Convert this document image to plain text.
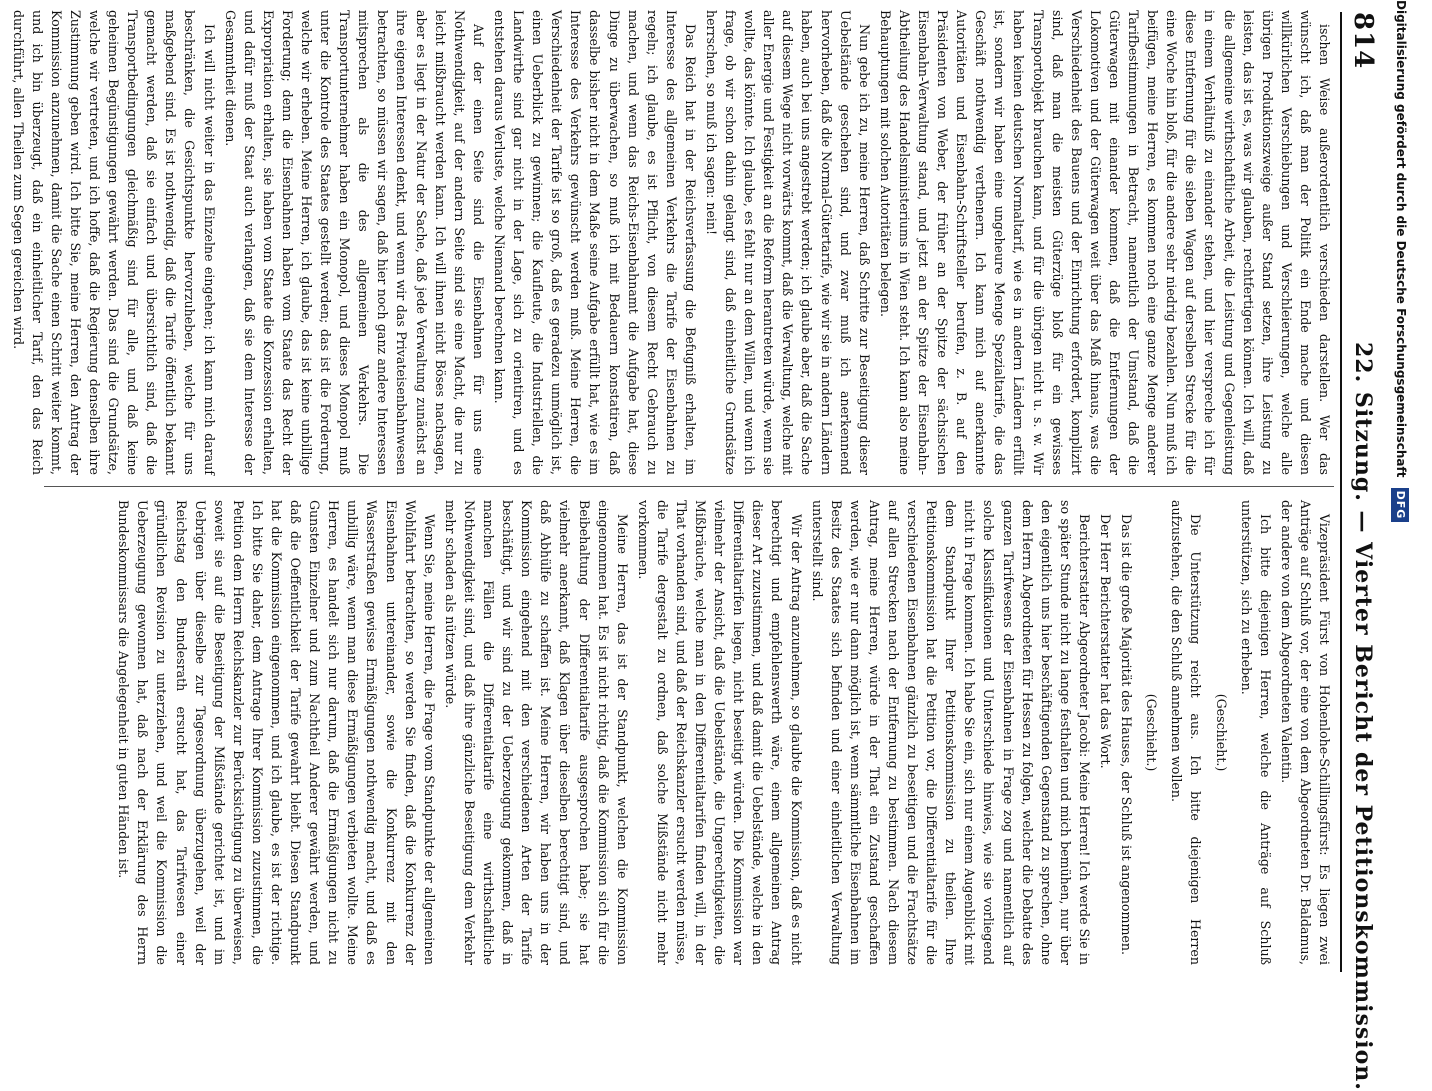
814
22. Sitzung. — Vierter Bericht der Petitionskommission.

ischen Weise außerordentlich verschieden darstellen. Wer das wünscht ich, daß man der Politik ein Ende mache und diesen willkürlichen Verschiebungen und Verschleierungen, welche alle übrigen Produktionszweige außer Stand setzen, ihre Leistung zu leisten, das ist es, was wir glauben, rechtfertigen können. Ich will, daß die allgemeine wirthschaftliche Arbeit, die Leistung und Gegenleistung in einem Verhältniß zu einander stehen, und hier verspreche ich für diese Entfernung für die sieben Wagen auf derselben Strecke für die eine Woche hin bloß, für die andere sehr niedrig bezahlen. Nun muß ich beifügen, meine Herren, es kommen noch eine ganze Menge anderer Tarifbestimmungen in Betracht, namentlich der Umstand, daß die Güterwagen mit einander kommen, daß die Entfernungen der Lokomotiven und der Güterwagen weit über das Maß hinaus, was die Verschiedenheit des Bauens und der Einrichtung erfordert, komplizirt sind, daß man die meisten Güterzüge bloß für ein gewisses Transportobjekt brauchen kann, und für die übrigen nicht u. s. w. Wir haben keinen deutschen Normaltarif, wie es in andern Ländern erfüllt ist, sondern wir haben eine ungeheure Menge Spezialtarife, die das Geschäft nothwendig verthenern. Ich kann mich auf anerkannte Autoritäten und Eisenbahn-Schriftsteller berufen, z. B. auf den Präsidenten von Weber, der früher an der Spitze der sächsischen Eisenbahn-Verwaltung stand, und jetzt an der Spitze der Eisenbahn-Abtheilung des Handelsministeriums in Wien steht. Ich kann also meine Behauptungen mit solchen Autoritäten belegen.

Nun gebe ich zu, meine Herren, daß Schritte zur Beseitigung dieser Uebelstände geschehen sind, und zwar muß ich anerkennend hervorheben, daß die Normal-Gütertarife, wie wir sie in andern Ländern haben, auch bei uns angestrebt werden; ich glaube aber, daß die Sache auf diesem Wege nicht vorwärts kommt, daß die Verwaltung, welche mit aller Energie und Festigkeit an die Reform herantreten würde, wenn sie wollte, das könnte. Ich glaube, es fehlt nur an dem Willen, und wenn ich frage, ob wir schon dahin gelangt sind, daß einheitliche Grundsätze herrschen, so muß ich sagen: nein!

Das Reich hat in der Reichsverfassung die Befugniß erhalten, im Interesse des allgemeinen Verkehrs die Tarife der Eisenbahnen zu regeln; ich glaube, es ist Pflicht, von diesem Recht Gebrauch zu machen, und wenn das Reichs-Eisenbahnamt die Aufgabe hat, diese Dinge zu überwachen, so muß ich mit Bedauern konstatiren, daß dasselbe bisher nicht in dem Maße seine Aufgabe erfüllt hat, wie es im Interesse des Verkehrs gewünscht werden muß. Meine Herren, die Verschiedenheit der Tarife ist so groß, daß es geradezu unmöglich ist, einen Ueberblick zu gewinnen; die Kaufleute, die Industriellen, die Landwirthe sind gar nicht in der Lage, sich zu orientiren, und es entstehen daraus Verluste, welche Niemand berechnen kann.

Auf der einen Seite sind die Eisenbahnen für uns eine Nothwendigkeit, auf der andern Seite sind sie eine Macht, die nur zu leicht mißbraucht werden kann. Ich will ihnen nicht Böses nachsagen, aber es liegt in der Natur der Sache, daß jede Verwaltung zunächst an ihre eigenen Interessen denkt, und wenn wir das Privateisenbahnwesen betrachten, so müssen wir sagen, daß hier noch ganz andere Interessen mitsprechen als die des allgemeinen Verkehrs. Die Transportunternehmer haben ein Monopol, und dieses Monopol muß unter die Kontrole des Staates gestellt werden; das ist die Forderung, welche wir erheben. Meine Herren, ich glaube, das ist keine unbillige Forderung; denn die Eisenbahnen haben vom Staate das Recht der Expropriation erhalten, sie haben vom Staate die Konzession erhalten, und dafür muß der Staat auch verlangen, daß sie dem Interesse der Gesammtheit dienen.

Ich will nicht weiter in das Einzelne eingehen; ich kann mich darauf beschränken, die Gesichtspunkte hervorzuheben, welche für uns maßgebend sind. Es ist nothwendig, daß die Tarife öffentlich bekannt gemacht werden, daß sie einfach und übersichtlich sind, daß die Transportbedingungen gleichmäßig sind für alle, und daß keine geheimen Begünstigungen gewährt werden. Das sind die Grundsätze, welche wir vertreten, und ich hoffe, daß die Regierung denselben ihre Zustimmung geben wird. Ich bitte Sie, meine Herren, den Antrag der Kommission anzunehmen, damit die Sache einen Schritt weiter kommt, und ich bin überzeugt, daß ein einheitlicher Tarif, den das Reich durchführt, allen Theilen zum Segen gereichen wird.

Vizepräsident Fürst von Hohenlohe-Schillingsfürst: Es liegen zwei Anträge auf Schluß vor, der eine von dem Abgeordneten Dr. Baldamus, der andere von dem Abgeordneten Valentin.

Ich bitte diejenigen Herren, welche die Anträge auf Schluß unterstützen, sich zu erheben.

(Geschieht.)

Die Unterstützung reicht aus. Ich bitte diejenigen Herren aufzustehen, die den Schluß annehmen wollen.

(Geschieht.)

Das ist die große Majorität des Hauses, der Schluß ist angenommen.

Der Herr Berichterstatter hat das Wort.

Berichterstatter Abgeordneter Jacobi: Meine Herren! Ich werde Sie in so später Stunde nicht zu lange festhalten und mich bemühen, nur über den eigentlich uns hier beschäftigenden Gegenstand zu sprechen, ohne dem Herrn Abgeordneten für Hessen zu folgen, welcher die Debatte des ganzen Tarifwesens der Eisenbahnen in Frage zog und namentlich auf solche Klassifikationen und Unterschiede hinwies, wie sie vorliegend nicht in Frage kommen. Ich habe Sie ein, sich nur einem Augenblick mit dem Standpunkt Ihrer Petitionskommission zu theilen. Ihre Petitionskommission hat die Petition vor, die Differentialtarife für die verschiedenen Eisenbahnen gänzlich zu beseitigen und die Frachtsätze auf allen Strecken nach der Entfernung zu bestimmen. Nach diesem Antrag, meine Herren, würde in der That ein Zustand geschaffen werden, wie er nur dann möglich ist, wenn sämmtliche Eisenbahnen im Besitz des Staates sich befinden und einer einheitlichen Verwaltung unterstellt sind.

Wir der Antrag anzunehmen, so glaubte die Kommission, daß es nicht berechtigt und empfehlenswerth wäre, einem allgemeinen Antrag dieser Art zuzustimmen, und daß damit die Uebelstände, welche in den Differentialtarifen liegen, nicht beseitigt würden. Die Kommission war vielmehr der Ansicht, daß die Uebelstände, die Ungerechtigkeiten, die Mißbräuche, welche man in den Differentialtarifen finden will, in der That vorhanden sind, und daß der Reichskanzler ersucht werden müsse, die Tarife dergestalt zu ordnen, daß solche Mißstände nicht mehr vorkommen.

Meine Herren, das ist der Standpunkt, welchen die Kommission eingenommen hat. Es ist nicht richtig, daß die Kommission sich für die Beibehaltung der Differentialtarife ausgesprochen habe; sie hat vielmehr anerkannt, daß Klagen über dieselben berechtigt sind, und daß Abhülfe zu schaffen ist. Meine Herren, wir haben uns in der Kommission eingehend mit den verschiedenen Arten der Tarife beschäftigt, und wir sind zu der Ueberzeugung gekommen, daß in manchen Fällen die Differentialtarife eine wirthschaftliche Nothwendigkeit sind, und daß ihre gänzliche Beseitigung dem Verkehr mehr schaden als nützen würde.

Wenn Sie, meine Herren, die Frage vom Standpunkte der allgemeinen Wohlfahrt betrachten, so werden Sie finden, daß die Konkurrenz der Eisenbahnen untereinander, sowie die Konkurrenz mit den Wasserstraßen gewisse Ermäßigungen nothwendig macht, und daß es unbillig wäre, wenn man diese Ermäßigungen verbieten wollte. Meine Herren, es handelt sich nur darum, daß die Ermäßigungen nicht zu Gunsten Einzelner und zum Nachtheil Anderer gewährt werden, und daß die Oeffentlichkeit der Tarife gewahrt bleibt. Diesen Standpunkt hat die Kommission eingenommen, und ich glaube, es ist der richtige. Ich bitte Sie daher, dem Antrage Ihrer Kommission zuzustimmen, die Petition dem Herrn Reichskanzler zur Berücksichtigung zu überweisen, soweit sie auf die Beseitigung der Mißstände gerichtet ist, und im Uebrigen über dieselbe zur Tagesordnung überzugehen, weil der Reichstag den Bundesrath ersucht hat, das Tarifwesen einer gründlichen Revision zu unterziehen, und weil die Kommission die Ueberzeugung gewonnen hat, daß nach der Erklärung des Herrn Bundeskommissars die Angelegenheit in guten Händen ist.

Digitalisierung gefördert durch die Deutsche Forschungsgemeinschaft DFG
